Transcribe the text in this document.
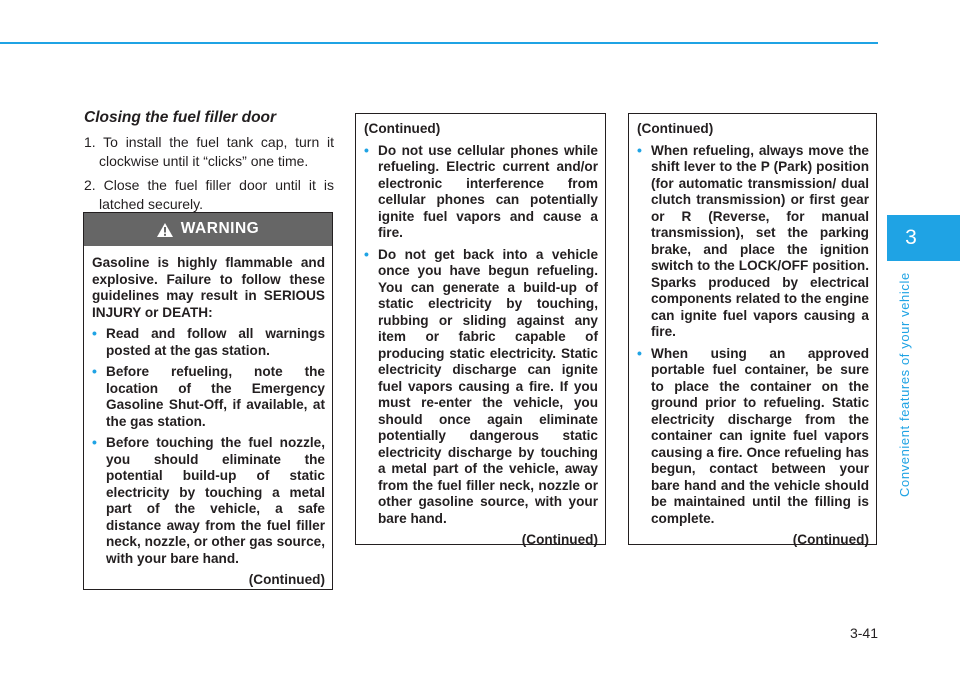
3
Convenient features of your vehicle
Closing the fuel filler door
1. To install the fuel tank cap, turn it clockwise until it “clicks” one time.
2. Close the fuel filler door until it is latched securely.
WARNING

Gasoline is highly flammable and explosive. Failure to follow these guidelines may result in SERIOUS INJURY or DEATH:

• Read and follow all warnings posted at the gas station.
• Before refueling, note the location of the Emergency Gasoline Shut-Off, if available, at the gas station.
• Before touching the fuel nozzle, you should eliminate the potential build-up of static electricity by touching a metal part of the vehicle, a safe distance away from the fuel filler neck, nozzle, or other gas source, with your bare hand.

(Continued)

(Continued)

• Do not use cellular phones while refueling. Electric current and/or electronic interference from cellular phones can potentially ignite fuel vapors and cause a fire.
• Do not get back into a vehicle once you have begun refueling. You can generate a build-up of static electricity by touching, rubbing or sliding against any item or fabric capable of producing static electricity. Static electricity discharge can ignite fuel vapors causing a fire. If you must re-enter the vehicle, you should once again eliminate potentially dangerous static electricity discharge by touching a metal part of the vehicle, away from the fuel filler neck, nozzle or other gasoline source, with your bare hand.

(Continued)

(Continued)

• When refueling, always move the shift lever to the P (Park) position (for automatic transmission/ dual clutch transmission) or first gear or R (Reverse, for manual transmission), set the parking brake, and place the ignition switch to the LOCK/OFF position. Sparks produced by electrical components related to the engine can ignite fuel vapors causing a fire.
• When using an approved portable fuel container, be sure to place the container on the ground prior to refueling. Static electricity discharge from the container can ignite fuel vapors causing a fire. Once refueling has begun, contact between your bare hand and the vehicle should be maintained until the filling is complete.

(Continued)

3-41
